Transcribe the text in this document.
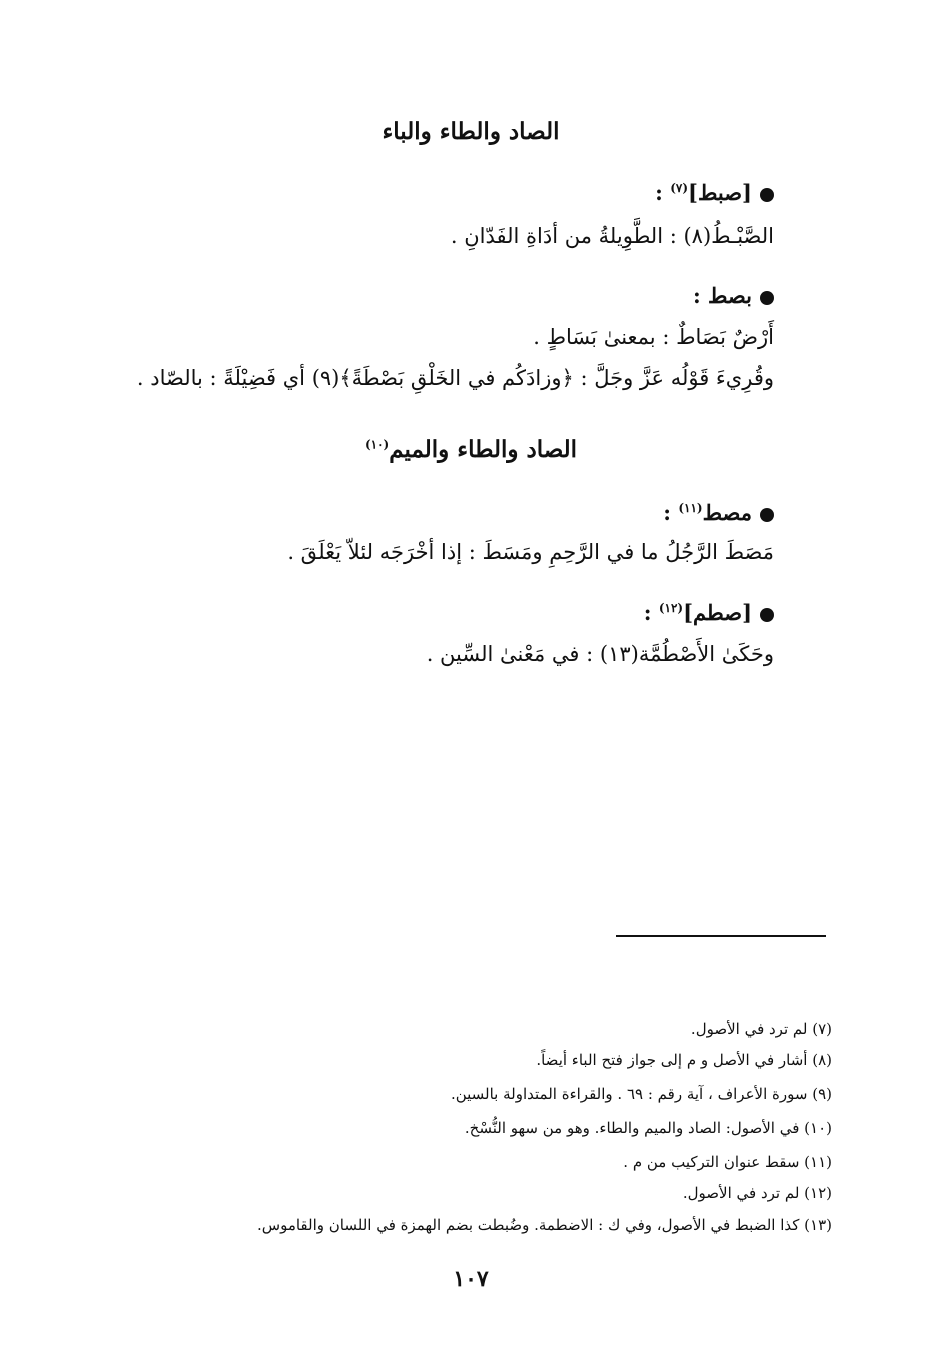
الصاد والطاء والباء
[صبط]$^{(٧)}$ :
الصَّبْـطُ(٨) : الطَّوِيلةُ من أدَاةِ الفَدّانِ .
بصط :
أَرْضٌ بَصَاطٌ : بمعنىٰ بَسَاطٍ .
وقُرِيءَ قَوْلُه عَزَّ وجَلَّ : ﴿وزادَكُم في الخَلْقِ بَصْطَةً﴾(٩) أي فَضِيْلَةً : بالصّاد .
الصاد والطاء والميم$^{(١٠)}$
مصط$^{(١١)}$ :
مَصَطَ الرَّجُلُ ما في الرَّحِمِ ومَسَطَ : إذا أخْرَجَه لئلاّ يَعْلَقَ .
[صطم]$^{(١٢)}$ :
وحَكَىٰ الأَصْطُمَّة(١٣) : في مَعْنىٰ السِّين .
(٧) لم ترد في الأصول.
(٨) أشار في الأصل و م إلى جواز فتح الباء أيضاً.
(٩) سورة الأعراف ، آية رقم : ٦٩ . والقراءة المتداولة بالسين.
(١٠) في الأصول: الصاد والميم والطاء. وهو من سهو النُّسْخ.
(١١) سقط عنوان التركيب من م .
(١٢) لم ترد في الأصول.
(١٣) كذا الضبط في الأصول، وفي ك : الاضطمة. وضُبطت بضم الهمزة في اللسان والقاموس.
١٠٧
